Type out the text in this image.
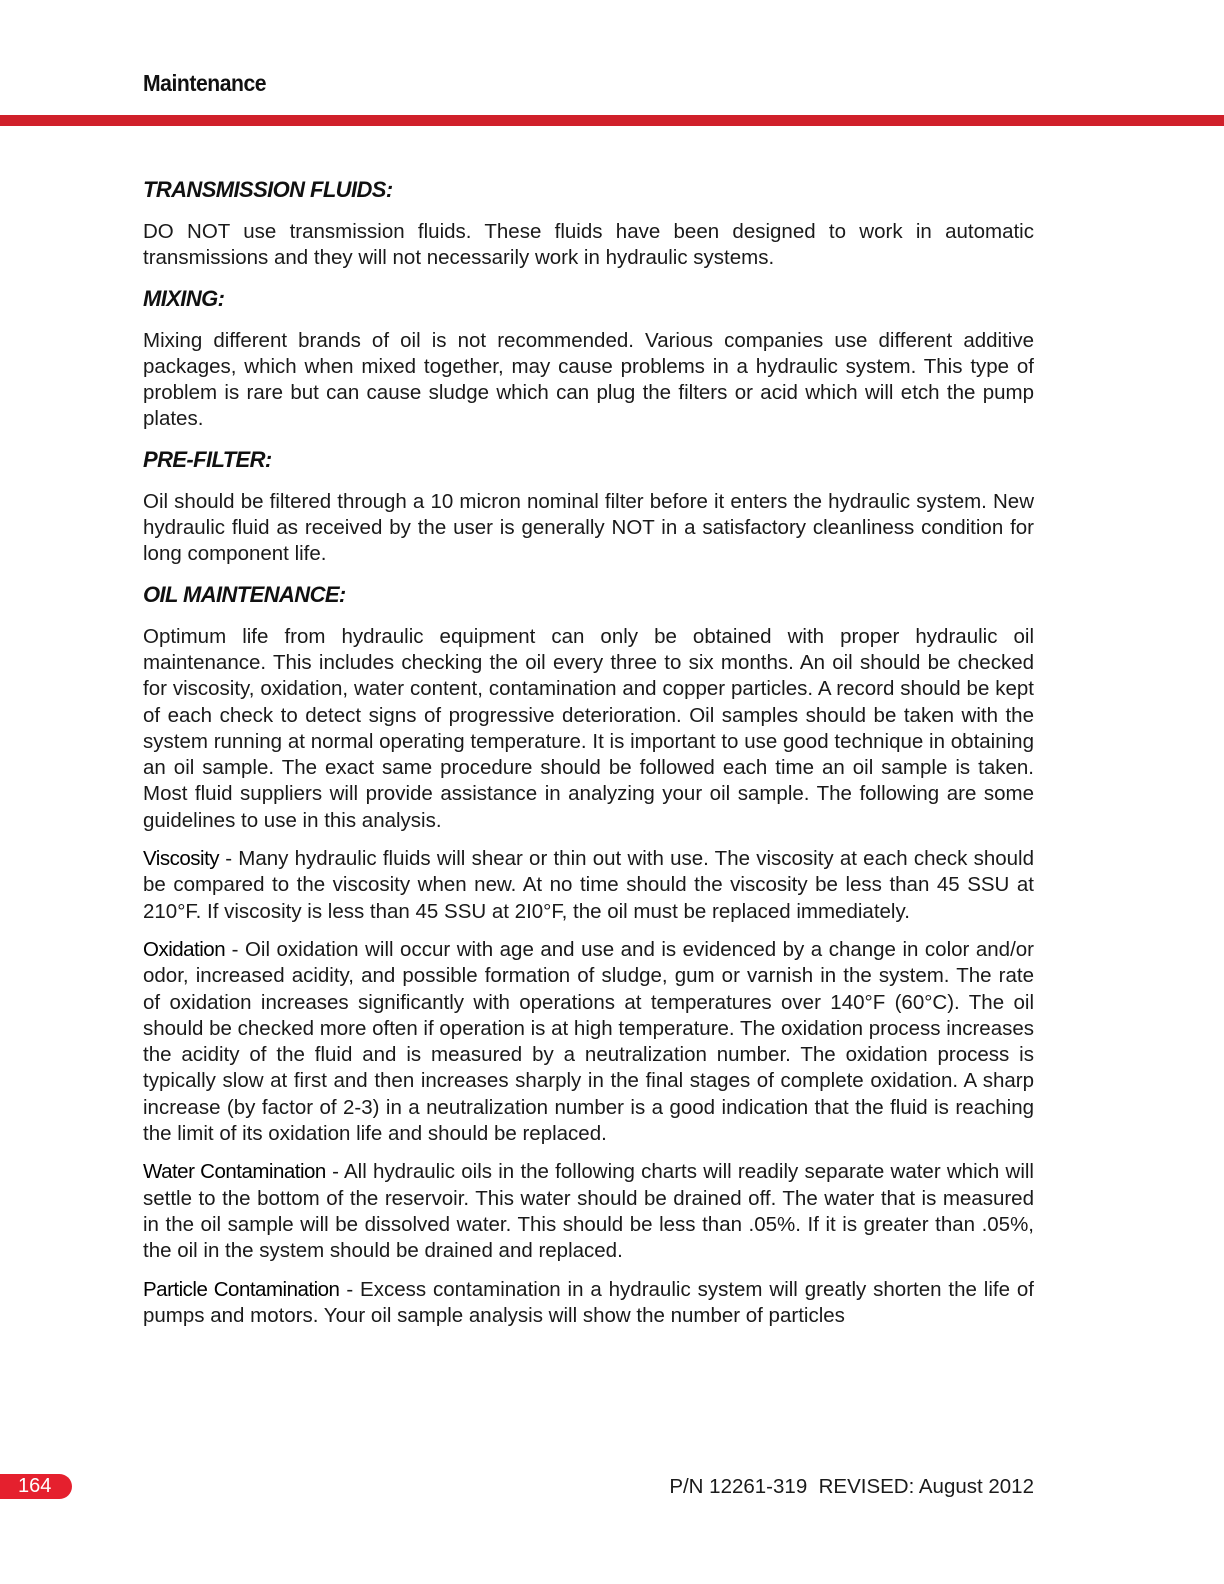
Maintenance
TRANSMISSION FLUIDS:

DO NOT use transmission fluids. These fluids have been designed to work in automatic transmissions and they will not necessarily work in hydraulic systems.

MIXING:

Mixing different brands of oil is not recommended. Various companies use different additive packages, which when mixed together, may cause problems in a hydraulic system. This type of problem is rare but can cause sludge which can plug the filters or acid which will etch the pump plates.

PRE-FILTER:

Oil should be filtered through a 10 micron nominal filter before it enters the hydraulic system. New hydraulic fluid as received by the user is generally NOT in a satisfactory cleanliness condition for long component life.

OIL MAINTENANCE:

Optimum life from hydraulic equipment can only be obtained with proper hydraulic oil maintenance. This includes checking the oil every three to six months. An oil should be checked for viscosity, oxidation, water content, contamination and copper particles. A record should be kept of each check to detect signs of progressive deterioration. Oil samples should be taken with the system running at normal operating temperature. It is important to use good technique in obtaining an oil sample. The exact same procedure should be followed each time an oil sample is taken. Most fluid suppliers will provide assistance in analyzing your oil sample. The following are some guidelines to use in this analysis.

Viscosity - Many hydraulic fluids will shear or thin out with use. The viscosity at each check should be compared to the viscosity when new. At no time should the viscosity be less than 45 SSU at 210°F. If viscosity is less than 45 SSU at 2I0°F, the oil must be replaced immediately.

Oxidation - Oil oxidation will occur with age and use and is evidenced by a change in color and/or odor, increased acidity, and possible formation of sludge, gum or varnish in the system. The rate of oxidation increases significantly with operations at temperatures over 140°F (60°C). The oil should be checked more often if operation is at high temperature. The oxidation process increases the acidity of the fluid and is measured by a neutralization number. The oxidation process is typically slow at first and then increases sharply in the final stages of complete oxidation. A sharp increase (by factor of 2-3) in a neutralization number is a good indication that the fluid is reaching the limit of its oxidation life and should be replaced.

Water Contamination - All hydraulic oils in the following charts will readily separate water which will settle to the bottom of the reservoir. This water should be drained off. The water that is measured in the oil sample will be dissolved water. This should be less than .05%. If it is greater than .05%, the oil in the system should be drained and replaced.

Particle Contamination - Excess contamination in a hydraulic system will greatly shorten the life of pumps and motors. Your oil sample analysis will show the number of particles

164	P/N 12261-319  REVISED: August 2012
